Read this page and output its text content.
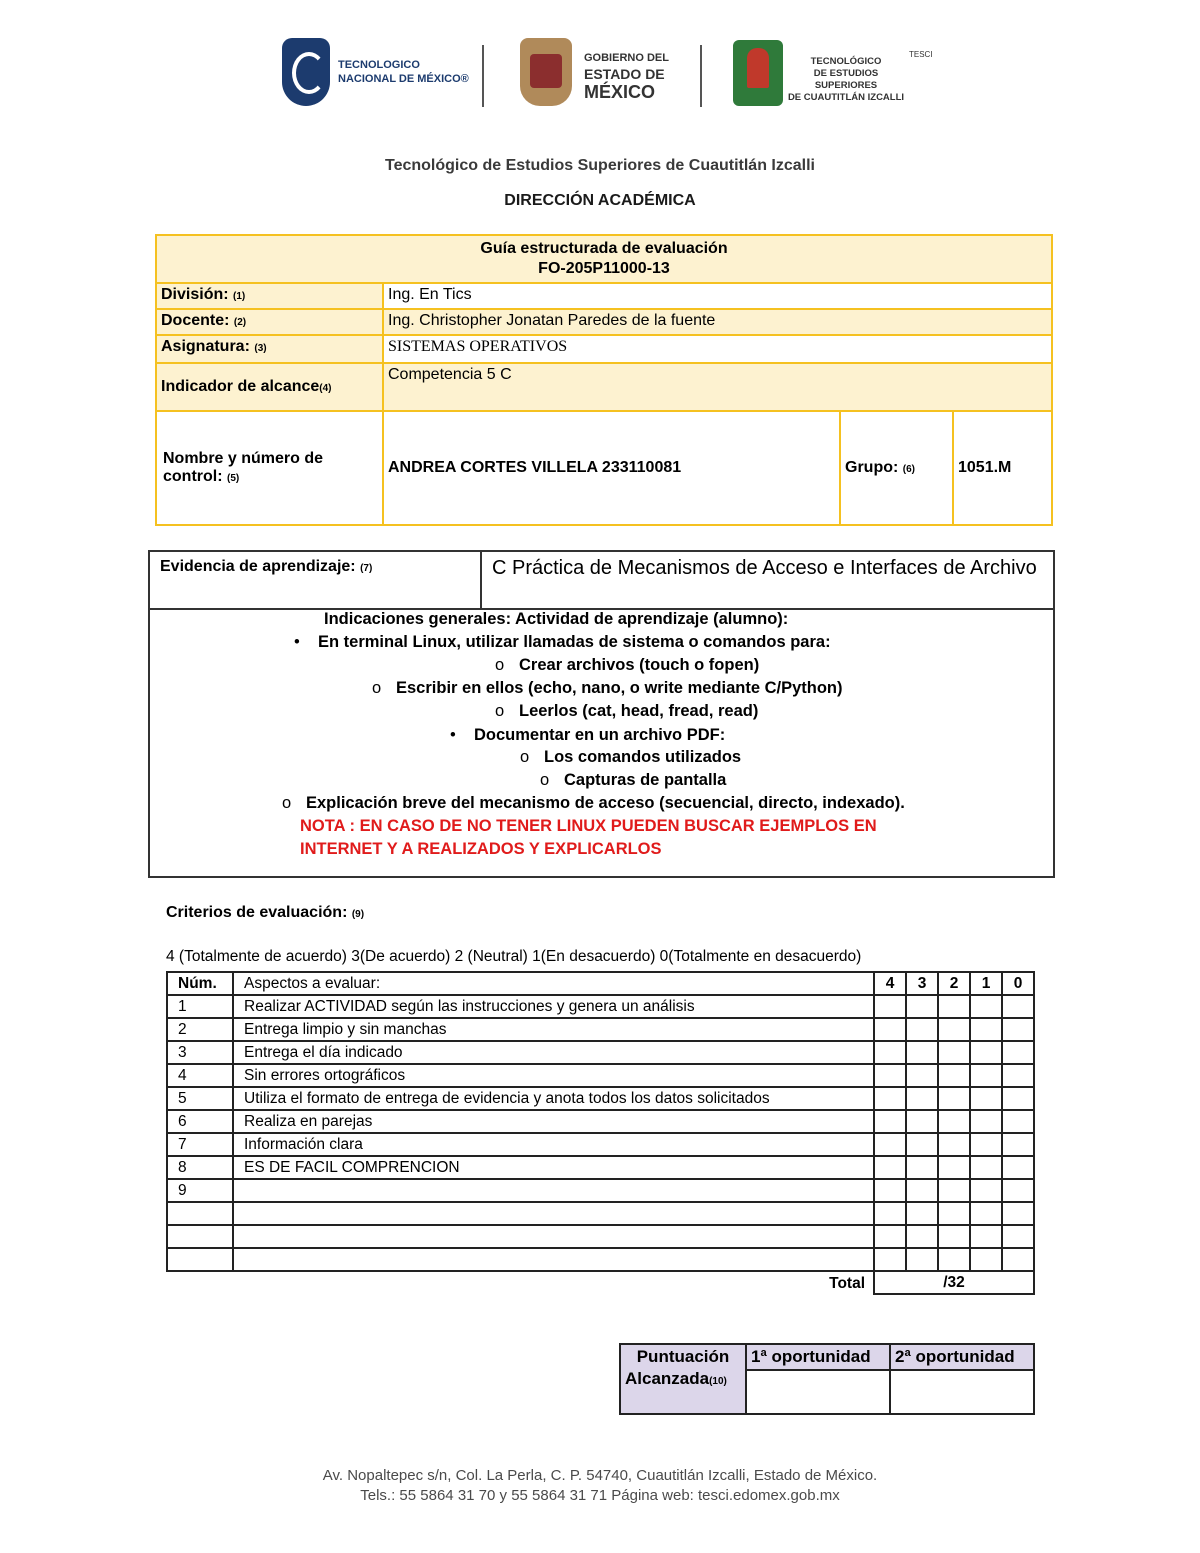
TECNOLOGICO
NACIONAL DE MÉXICO®
GOBIERNO DEL
ESTADO DE
MÉXICO
TECNOLÓGICO
DE ESTUDIOS SUPERIORES
DE CUAUTITLÁN IZCALLI
TESCI
Tecnológico de Estudios Superiores de Cuautitlán Izcalli
DIRECCIÓN ACADÉMICA
Guía estructurada de evaluación
FO-205P11000-13			

División: (1)	Ing. En Tics		
Docente: (2)	Ing. Christopher Jonatan Paredes de la fuente		
Asignatura: (3)	SISTEMAS OPERATIVOS		
Indicador de alcance(4)	Competencia 5 C		
Nombre y número de control: (5)	ANDREA CORTES VILLELA 233110081	Grupo: (6)	1051.M
Evidencia de aprendizaje: (7)	C Práctica de Mecanismos de Acceso e Interfaces de Archivo

Indicaciones generales: Actividad de aprendizaje (alumno):
• En terminal Linux, utilizar llamadas de sistema o comandos para:
o Crear archivos (touch o fopen)
o Escribir en ellos (echo, nano, o write mediante C/Python)
o Leerlos (cat, head, fread, read)
• Documentar en un archivo PDF:
o Los comandos utilizados
o Capturas de pantalla
o Explicación breve del mecanismo de acceso (secuencial, directo, indexado).
NOTA : EN CASO DE NO TENER LINUX PUEDEN BUSCAR EJEMPLOS EN
INTERNET Y A REALIZADOS Y EXPLICARLOS
Criterios de evaluación: (9)
4 (Totalmente de acuerdo) 3(De acuerdo) 2 (Neutral) 1(En desacuerdo) 0(Totalmente en desacuerdo)
Núm.	Aspectos a evaluar:	4	3	2	1	0
1	Realizar ACTIVIDAD según las instrucciones y genera un análisis					
2	Entrega limpio y sin manchas					
3	Entrega el día indicado					
4	Sin errores ortográficos					
5	Utiliza el formato de entrega de evidencia y anota todos los datos solicitados					
6	Realiza en parejas					
7	Información clara					
8	ES DE FACIL COMPRENCION					
9						

	Total	/32				
Puntuación
Alcanzada(10)	1ª oportunidad	2ª oportunidad

Av. Nopaltepec s/n, Col. La Perla, C. P. 54740, Cuautitlán Izcalli, Estado de México.
Tels.: 55 5864 31 70 y 55 5864 31 71 Página web: tesci.edomex.gob.mx
